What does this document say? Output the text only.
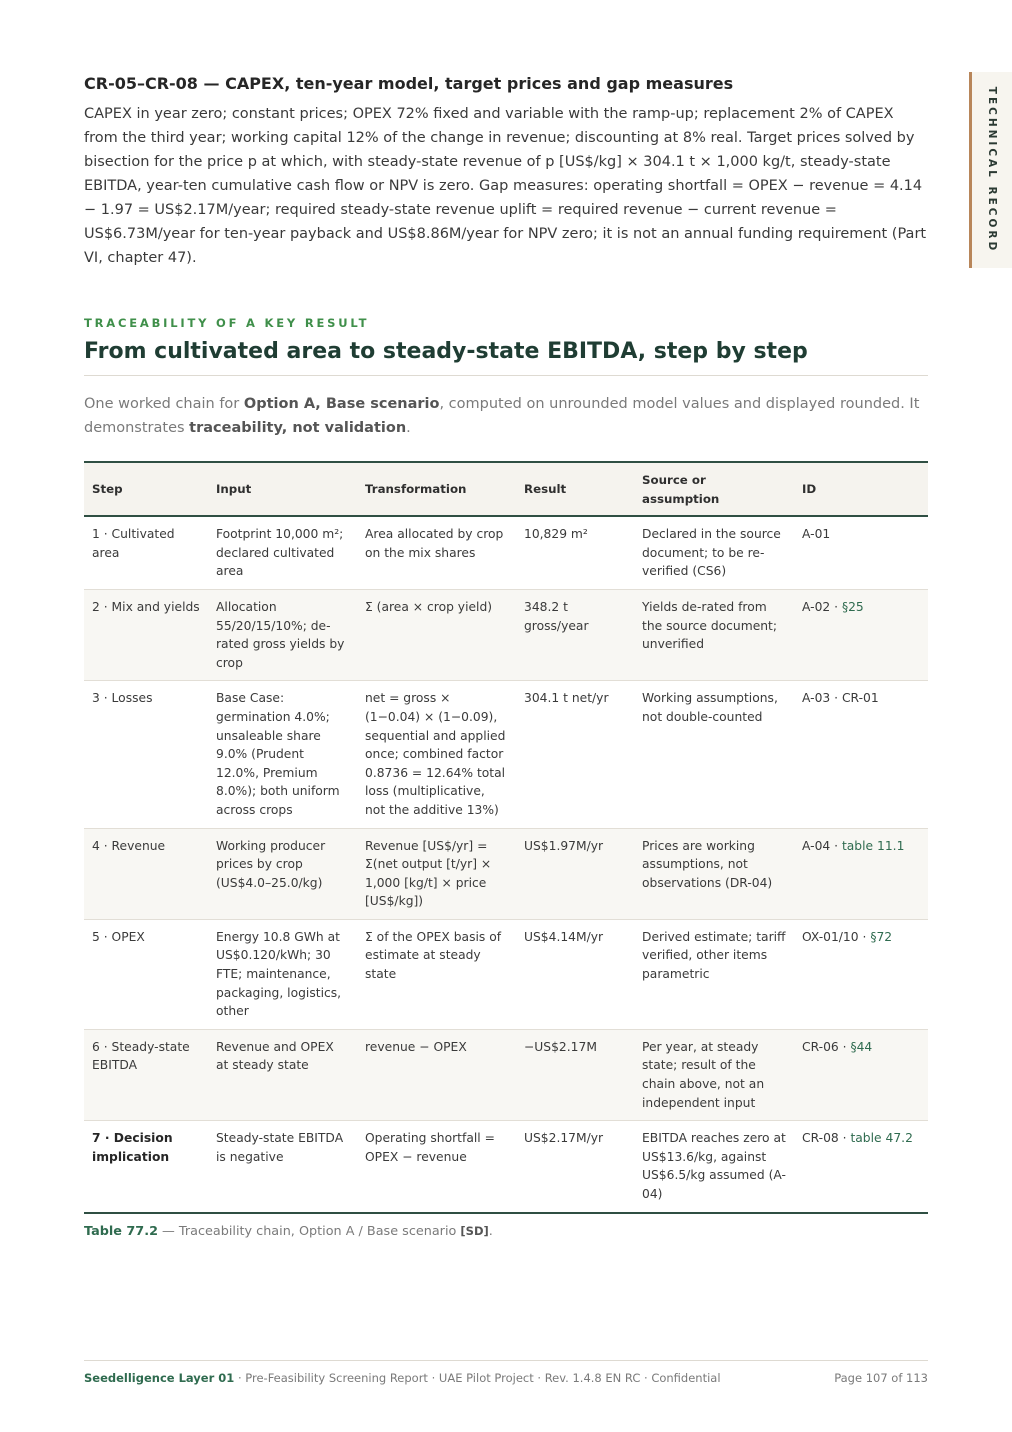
TECHNICAL RECORD
CR-05–CR-08 — CAPEX, ten-year model, target prices and gap measures

CAPEX in year zero; constant prices; OPEX 72% fixed and variable with the ramp-up; replacement 2% of CAPEX from the third year; working capital 12% of the change in revenue; discounting at 8% real. Target prices solved by bisection for the price p at which, with steady-state revenue of p [US$/kg] × 304.1 t × 1,000 kg/t, steady-state EBITDA, year-ten cumulative cash flow or NPV is zero. Gap measures: operating shortfall = OPEX − revenue = 4.14 − 1.97 = US$2.17M/year; required steady-state revenue uplift = required revenue − current revenue = US$6.73M/year for ten-year payback and US$8.86M/year for NPV zero; it is not an annual funding requirement (Part VI, chapter 47).

TRACEABILITY OF A KEY RESULT
From cultivated area to steady-state EBITDA, step by step

One worked chain for Option A, Base scenario, computed on unrounded model values and displayed rounded. It demonstrates traceability, not validation.

Step	Input	Transformation	Result	Source or assumption	ID
1 · Cultivated area	Footprint 10,000 m²; declared cultivated area	Area allocated by crop on the mix shares	10,829 m²	Declared in the source document; to be re-verified (CS6)	A-01
2 · Mix and yields	Allocation 55/20/15/10%; de-rated gross yields by crop	Σ (area × crop yield)	348.2 t gross/year	Yields de-rated from the source document; unverified	A-02 · §25
3 · Losses	Base Case: germination 4.0%; unsaleable share 9.0% (Prudent 12.0%, Premium 8.0%); both uniform across crops	net = gross × (1−0.04) × (1−0.09), sequential and applied once; combined factor 0.8736 = 12.64% total loss (multiplicative, not the additive 13%)	304.1 t net/yr	Working assumptions, not double-counted	A-03 · CR-01
4 · Revenue	Working producer prices by crop (US$4.0–25.0/kg)	Revenue [US$/yr] = Σ(net output [t/yr] × 1,000 [kg/t] × price [US$/kg])	US$1.97M/yr	Prices are working assumptions, not observations (DR-04)	A-04 · table 11.1
5 · OPEX	Energy 10.8 GWh at US$0.120/kWh; 30 FTE; maintenance, packaging, logistics, other	Σ of the OPEX basis of estimate at steady state	US$4.14M/yr	Derived estimate; tariff verified, other items parametric	OX-01/10 · §72
6 · Steady-state EBITDA	Revenue and OPEX at steady state	revenue − OPEX	−US$2.17M	Per year, at steady state; result of the chain above, not an independent input	CR-06 · §44
7 · Decision implication	Steady-state EBITDA is negative	Operating shortfall = OPEX − revenue	US$2.17M/yr	EBITDA reaches zero at US$13.6/kg, against US$6.5/kg assumed (A-04)	CR-08 · table 47.2
Table 77.2 — Traceability chain, Option A / Base scenario [SD].
Seedelligence Layer 01 · Pre-Feasibility Screening Report · UAE Pilot Project · Rev. 1.4.8 EN RC · Confidential	Page 107 of 113
